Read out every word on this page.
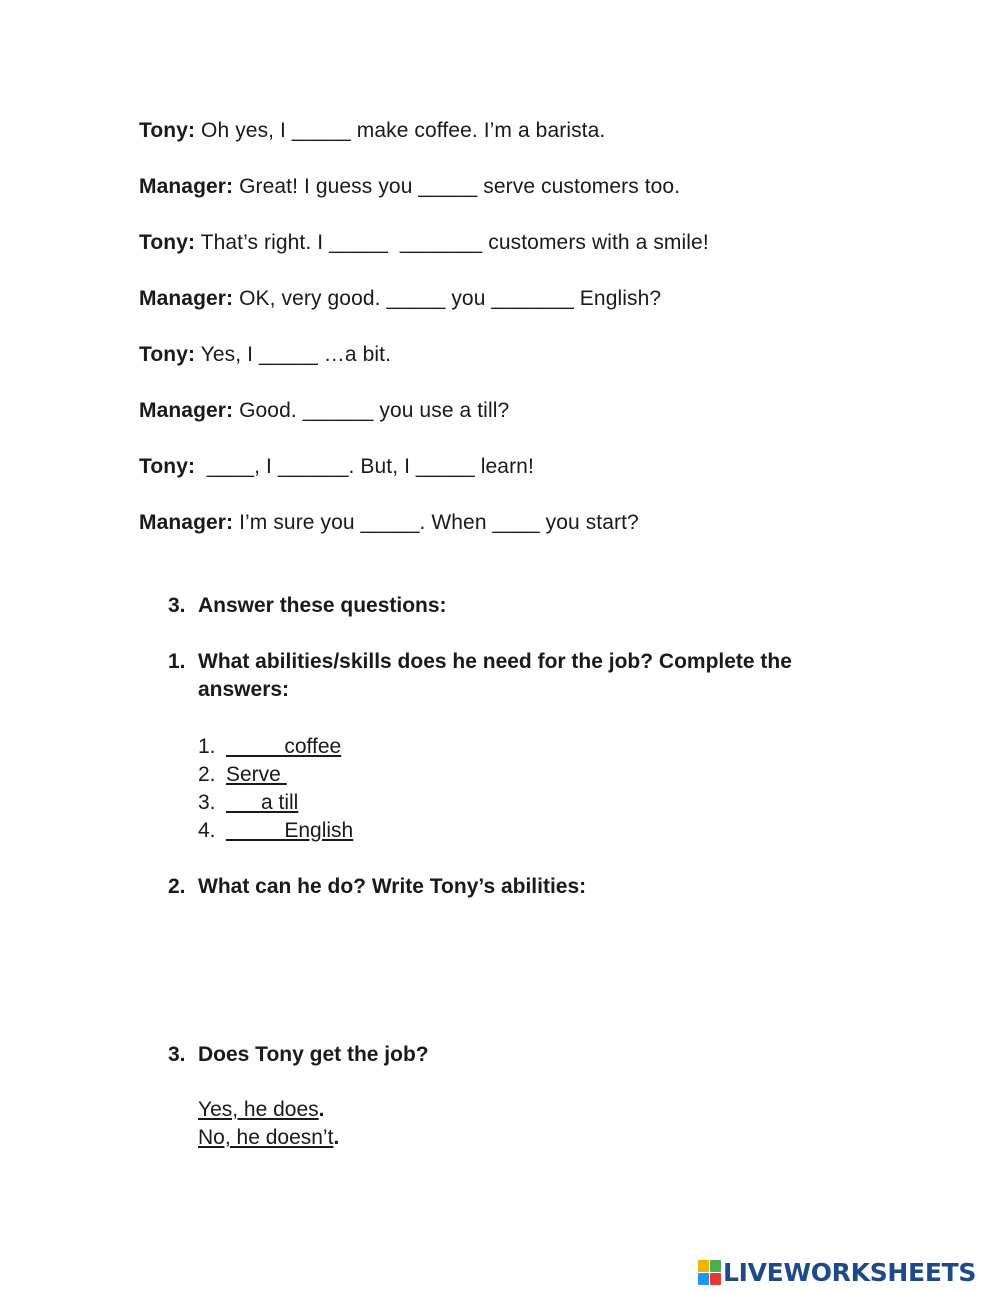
Tony: Oh yes, I _____ make coffee. I’m a barista.
Manager: Great! I guess you _____ serve customers too.
Tony: That’s right. I _____  _______ customers with a smile!
Manager: OK, very good. _____ you _______ English?
Tony: Yes, I _____ …a bit.
Manager: Good. ______ you use a till?
Tony:  ____, I ______. But, I _____ learn!
Manager: I’m sure you _____. When ____ you start?
3. Answer these questions:
1. What abilities/skills does he need for the job? Complete the answers:
1.          coffee
2. Serve
3.      a till
4.          English
2. What can he do? Write Tony’s abilities:
3. Does Tony get the job?
Yes, he does.
No, he doesn’t.
LIVEWORKSHEETS
